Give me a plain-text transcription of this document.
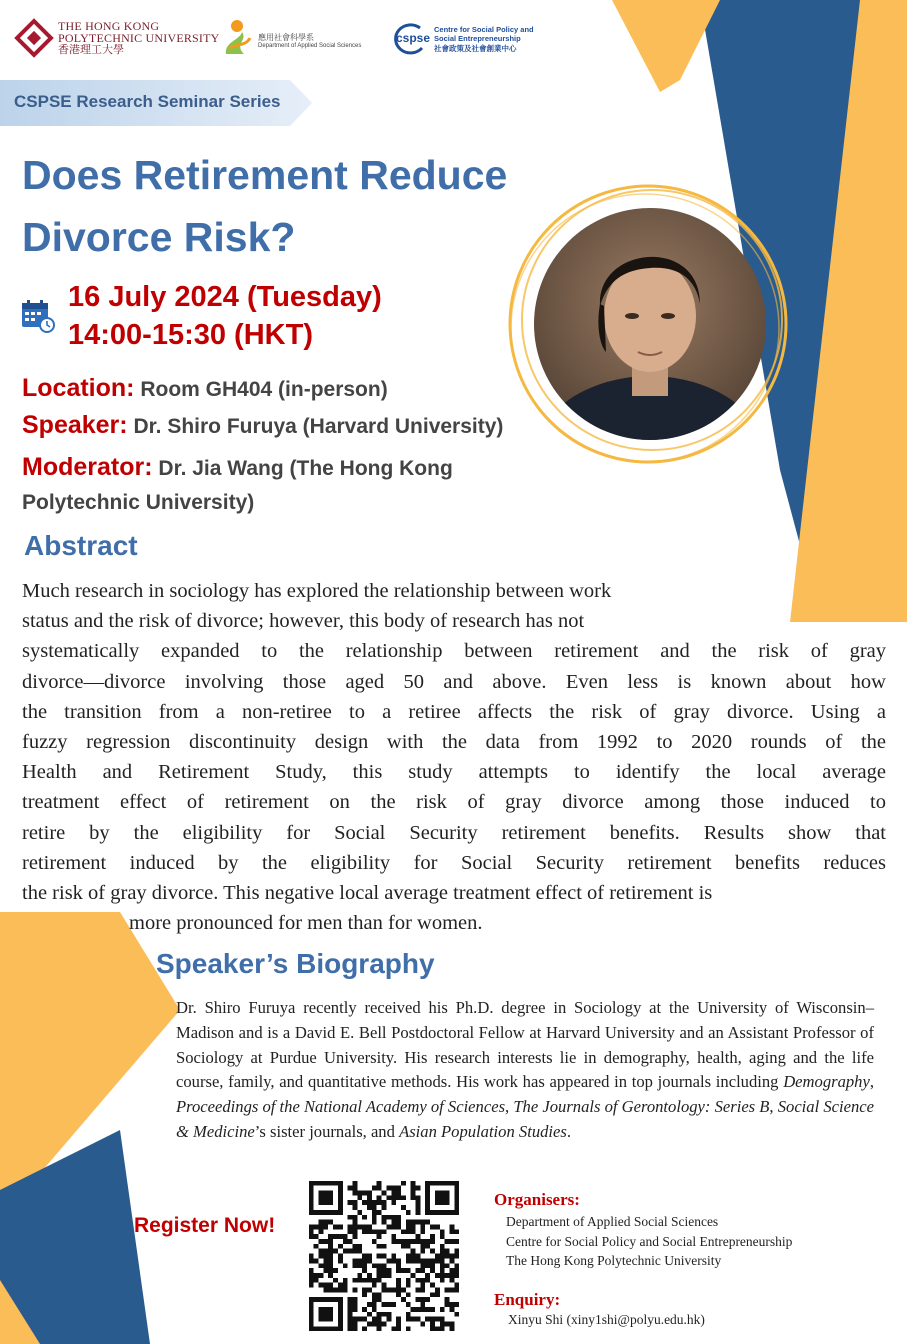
THE HONG KONG
POLYTECHNIC UNIVERSITY
香港理工大學
應用社會科學系
Department of Applied Social Sciences
cspse
Centre for Social Policy and
Social Entrepreneurship
社會政策及社會創業中心
CSPSE Research Seminar Series
Does Retirement Reduce
Divorce Risk?
16 July 2024 (Tuesday)
14:00-15:30 (HKT)
Location: Room GH404 (in-person)
Speaker: Dr. Shiro Furuya (Harvard University)
Moderator: Dr. Jia Wang (The Hong Kong
Polytechnic University)
Abstract

Much research in sociology has explored the relationship between work

status and the risk of divorce; however, this body of research has not

systematically expanded to the relationship between retirement and the risk of gray

divorce—divorce involving those aged 50 and above. Even less is known about how

the transition from a non-retiree to a retiree affects the risk of gray divorce. Using a

fuzzy regression discontinuity design with the data from 1992 to 2020 rounds of the

Health and Retirement Study, this study attempts to identify the local average

treatment effect of retirement on the risk of gray divorce among those induced to

retire by the eligibility for Social Security retirement benefits. Results show that

retirement induced by the eligibility for Social Security retirement benefits reduces

the risk of gray divorce. This negative local average treatment effect of retirement is

more pronounced for men than for women.

Speaker’s Biography

Dr. Shiro Furuya recently received his Ph.D. degree in Sociology at the University of Wisconsin–Madison and is a David E. Bell Postdoctoral Fellow at Harvard University and an Assistant Professor of Sociology at Purdue University. His research interests lie in demography, health, aging and the life course, family, and quantitative methods. His work has appeared in top journals including Demography, Proceedings of the National Academy of Sciences, The Journals of Gerontology: Series B, Social Science & Medicine’s sister journals, and Asian Population Studies.

Register Now!
Organisers:
Department of Applied Social Sciences
Centre for Social Policy and Social Entrepreneurship
The Hong Kong Polytechnic University
Enquiry:
Xinyu Shi (xiny1shi@polyu.edu.hk)
